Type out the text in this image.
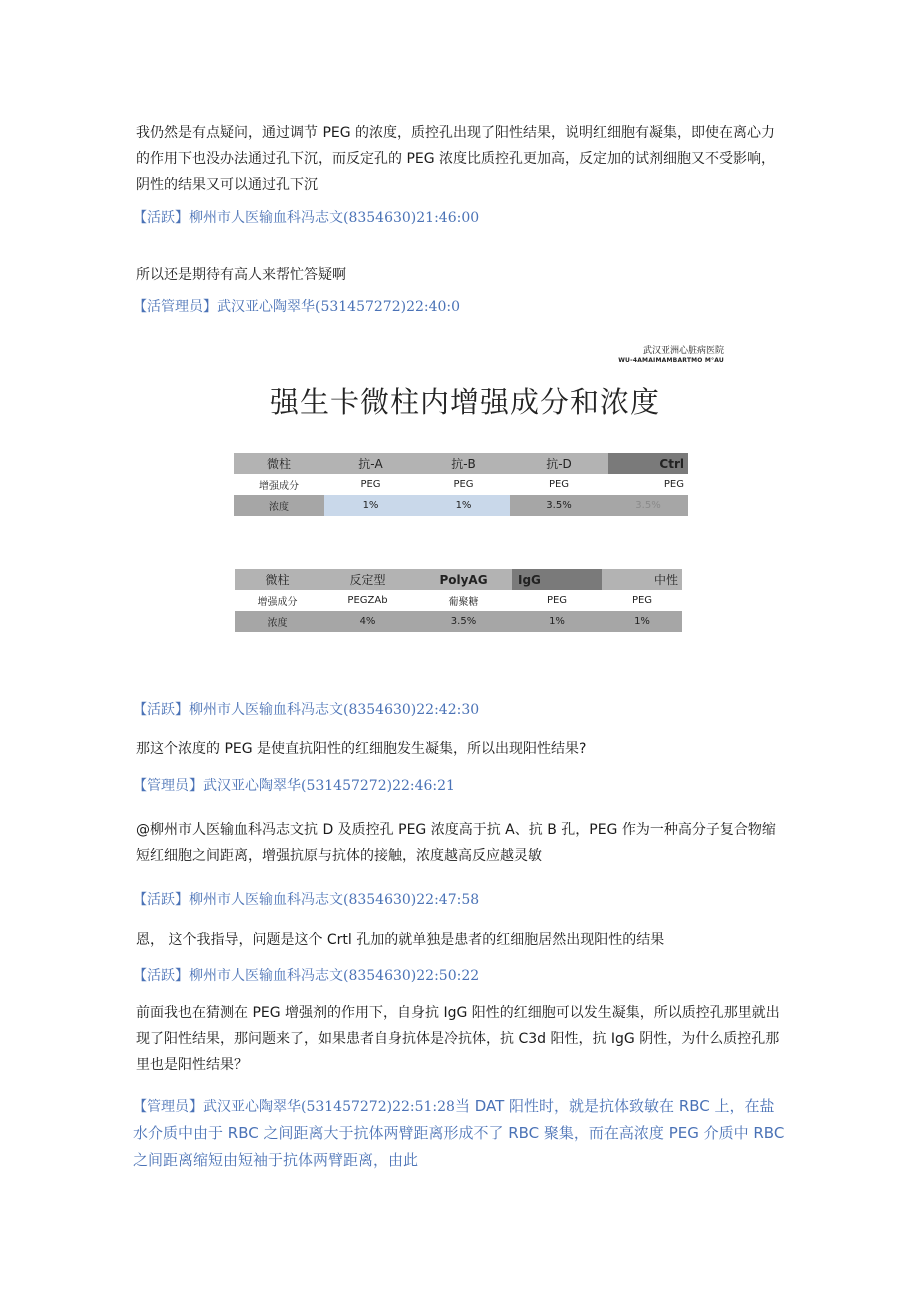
我仍然是有点疑问，通过调节 PEG 的浓度，质控孔出现了阳性结果，说明红细胞有凝集，即使在离心力的作用下也没办法通过孔下沉，而反定孔的 PEG 浓度比质控孔更加高，反定加的试剂细胞又不受影响，阴性的结果又可以通过孔下沉

【活跃】柳州市人医输血科冯志文(8354630)21:46:00

所以还是期待有高人来帮忙答疑啊

【活管理员】武汉亚心陶翠华(531457272)22:40:0
武汉亚洲心脏病医院
WU-4AMAIMAMBARTMO M°AU
强生卡微柱内增强成分和浓度
微柱	抗-A	抗-B	抗-D	Ctrl
增强成分	PEG	PEG	PEG	PEG
浓度	1%	1%	3.5%	3.5%
微柱	反定型	PolyAG	IgG	中性
增强成分	PEGZAb	葡聚糖	PEG	PEG
浓度	4%	3.5%	1%	1%
【活跃】柳州市人医输血科冯志文(8354630)22:42:30

那这个浓度的 PEG 是使直抗阳性的红细胞发生凝集，所以出现阳性结果?

【管理员】武汉亚心陶翠华(531457272)22:46:21

@柳州市人医输血科冯志文抗 D 及质控孔 PEG 浓度高于抗 A、抗 B 孔，PEG 作为一种高分子复合物缩短红细胞之间距离，增强抗原与抗体的接触，浓度越高反应越灵敏

【活跃】柳州市人医输血科冯志文(8354630)22:47:58

恩， 这个我指导，问题是这个 Crtl 孔加的就单独是患者的红细胞居然出现阳性的结果

【活跃】柳州市人医输血科冯志文(8354630)22:50:22

前面我也在猜测在 PEG 增强剂的作用下，自身抗 IgG 阳性的红细胞可以发生凝集，所以质控孔那里就出现了阳性结果，那问题来了，如果患者自身抗体是冷抗体，抗 C3d 阳性，抗 IgG 阴性，为什么质控孔那里也是阳性结果？

【管理员】武汉亚心陶翠华(531457272)22:51:28当 DAT 阳性时，就是抗体致敏在 RBC 上，在盐水介质中由于 RBC 之间距离大于抗体两臂距离形成不了 RBC 聚集，而在高浓度 PEG 介质中 RBC 之间距离缩短由短袖于抗体两臂距离，由此
